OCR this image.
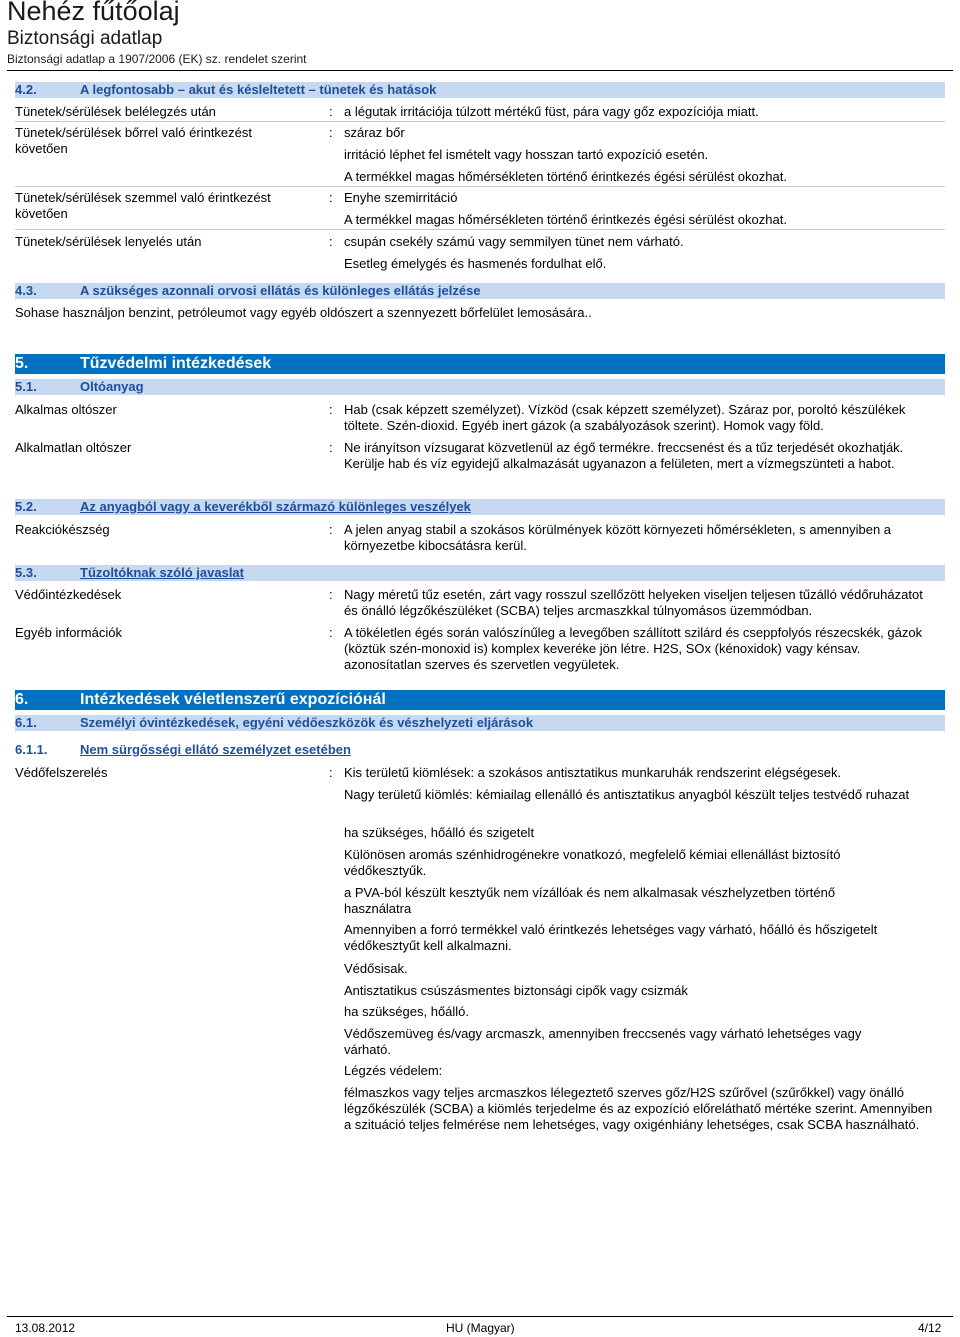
Nehéz fűtőolaj
Biztonsági adatlap
Biztonsági adatlap a 1907/2006 (EK) sz. rendelet szerint
4.2.	A legfontosabb – akut és késleltetett – tünetek és hatások
Tünetek/sérülések belélegzés után	: a légutak irritációja túlzott mértékű füst, pára vagy gőz expozíciója miatt.
Tünetek/sérülések bőrrel való érintkezést követően
: száraz bőr
irritáció léphet fel ismételt vagy hosszan tartó expozíció esetén.
A termékkel magas hőmérsékleten történő érintkezés égési sérülést okozhat.
Tünetek/sérülések szemmel való érintkezést követően
: Enyhe szemirritáció
A termékkel magas hőmérsékleten történő érintkezés égési sérülést okozhat.
Tünetek/sérülések lenyelés után	: csupán csekély számú vagy semmilyen tünet nem várható.
Esetleg émelygés és hasmenés fordulhat elő.
4.3.	A szükséges azonnali orvosi ellátás és különleges ellátás jelzése
Sohase használjon benzint, petróleumot vagy egyéb oldószert a szennyezett bőrfelület lemosására..
5.	Tűzvédelmi intézkedések
5.1.	Oltóanyag
Alkalmas oltószer	: Hab (csak képzett személyzet). Vízköd (csak képzett személyzet). Száraz por, poroltó készülékek töltete. Szén-dioxid. Egyéb inert gázok (a szabályozások szerint). Homok vagy föld.
Alkalmatlan oltószer	: Ne irányítson vízsugarat közvetlenül az égő termékre. freccsenést és a tűz terjedését okozhatják. Kerülje hab és víz egyidejű alkalmazását ugyanazon a felületen, mert a vízmegszünteti a habot.
5.2.	Az anyagból vagy a keverékből származó különleges veszélyek
Reakciókészség	: A jelen anyag stabil a szokásos körülmények között környezeti hőmérsékleten, s amennyiben a környezetbe kibocsátásra kerül.
5.3.	Tűzoltóknak szóló javaslat
Védőintézkedések	: Nagy méretű tűz esetén, zárt vagy rosszul szellőzött helyeken viseljen teljesen tűzálló védőruházatot és önálló légzőkészüléket (SCBA) teljes arcmaszkkal túlnyomásos üzemmódban.
Egyéb információk	: A tökéletlen égés során valószínűleg a levegőben szállított szilárd és cseppfolyós részecskék, gázok (köztük szén-monoxid is) komplex keveréke jön létre. H2S, SOx (kénoxidok) vagy kénsav. azonosítatlan szerves és szervetlen vegyületek.
6.	Intézkedések véletlenszerű expozícióнál
6.1.	Személyi óvintézkedések, egyéni védőeszközök és vészhelyzeti eljárások
6.1.1. Nem sürgősségi ellátó személyzet esetében
Védőfelszerelés	: Kis területű kiömlések: a szokásos antisztatikus munkaruhák rendszerint elégségesek.
Nagy területű kiömlés: kémiailag ellenálló és antisztatikus anyagból készült teljes testvédő ruhazat
ha szükséges, hőálló és szigetelt
Különösen aromás szénhidrogénekre vonatkozó, megfelelő kémiai ellenállást biztosító védőkesztyűk.
a PVA-ból készült kesztyűk nem vízállóak és nem alkalmasak vészhelyzetben történő használatra
Amennyiben a forró termékkel való érintkezés lehetséges vagy várható, hőálló és hőszigetelt védőkesztyűt kell alkalmazni.
Védősisak.
Antisztatikus csúszásmentes biztonsági cipők vagy csizmák
ha szükséges, hőálló.
Védőszemüveg és/vagy arcmaszk, amennyiben freccsenés vagy várható lehetséges vagy várható.
Légzés védelem:
félmaszkos vagy teljes arcmaszkos lélegeztető szerves gőz/H2S szűrővel (szűrőkkel) vagy önálló légzőkészülék (SCBA) a kiömlés terjedelme és az expozíció előreláthatő mértéke szerint. Amennyiben a szituáció teljes felmérése nem lehetséges, vagy oxigénhiány lehetséges, csak SCBA használható.
13.08.2012	HU (Magyar)	4/12
